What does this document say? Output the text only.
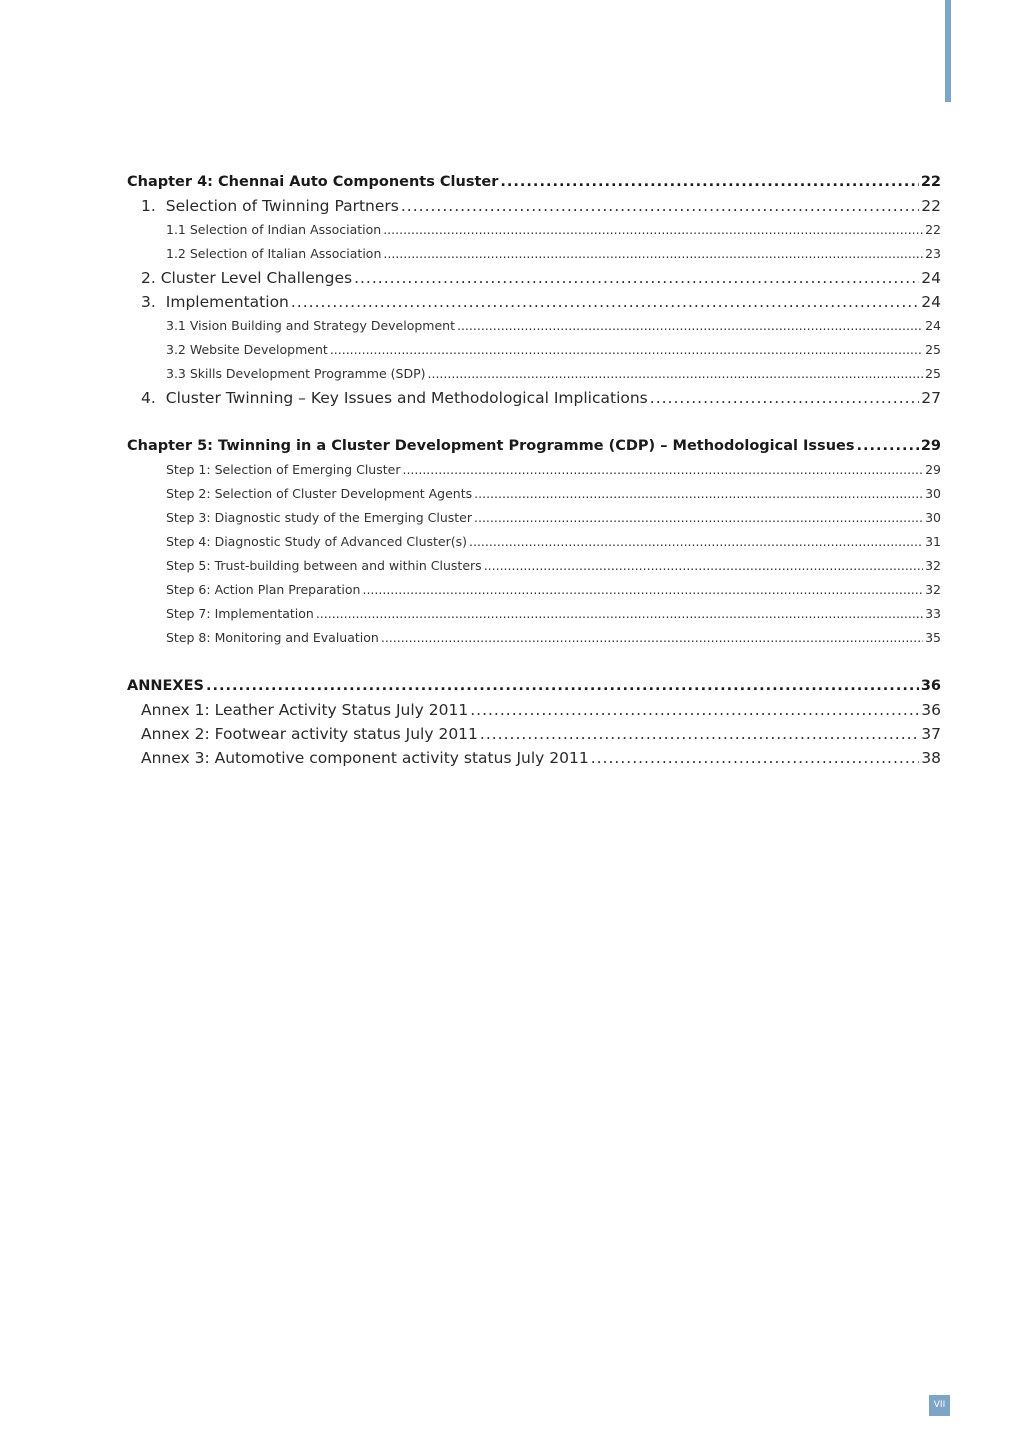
Chapter 4: Chennai Auto Components Cluster .....	22
1. Selection of Twinning Partners .....	22
1.1 Selection of Indian Association .....	22
1.2 Selection of Italian Association .....	23
2. Cluster Level Challenges .....	24
3. Implementation .....	24
3.1 Vision Building and Strategy Development .....	24
3.2 Website Development .....	25
3.3 Skills Development Programme (SDP) .....	25
4. Cluster Twinning – Key Issues and Methodological Implications .....	27
Chapter 5: Twinning in a Cluster Development Programme (CDP) – Methodological Issues .....	29
Step 1: Selection of Emerging Cluster .....	29
Step 2: Selection of Cluster Development Agents .....	30
Step 3: Diagnostic study of the Emerging Cluster .....	30
Step 4: Diagnostic Study of Advanced Cluster(s) .....	31
Step 5: Trust-building between and within Clusters .....	32
Step 6: Action Plan Preparation .....	32
Step 7: Implementation .....	33
Step 8: Monitoring and Evaluation .....	35
ANNEXES .....	36
Annex 1: Leather Activity Status July 2011 .....	36
Annex 2: Footwear activity status July 2011 .....	37
Annex 3: Automotive component activity status July 2011 .....	38
VII
